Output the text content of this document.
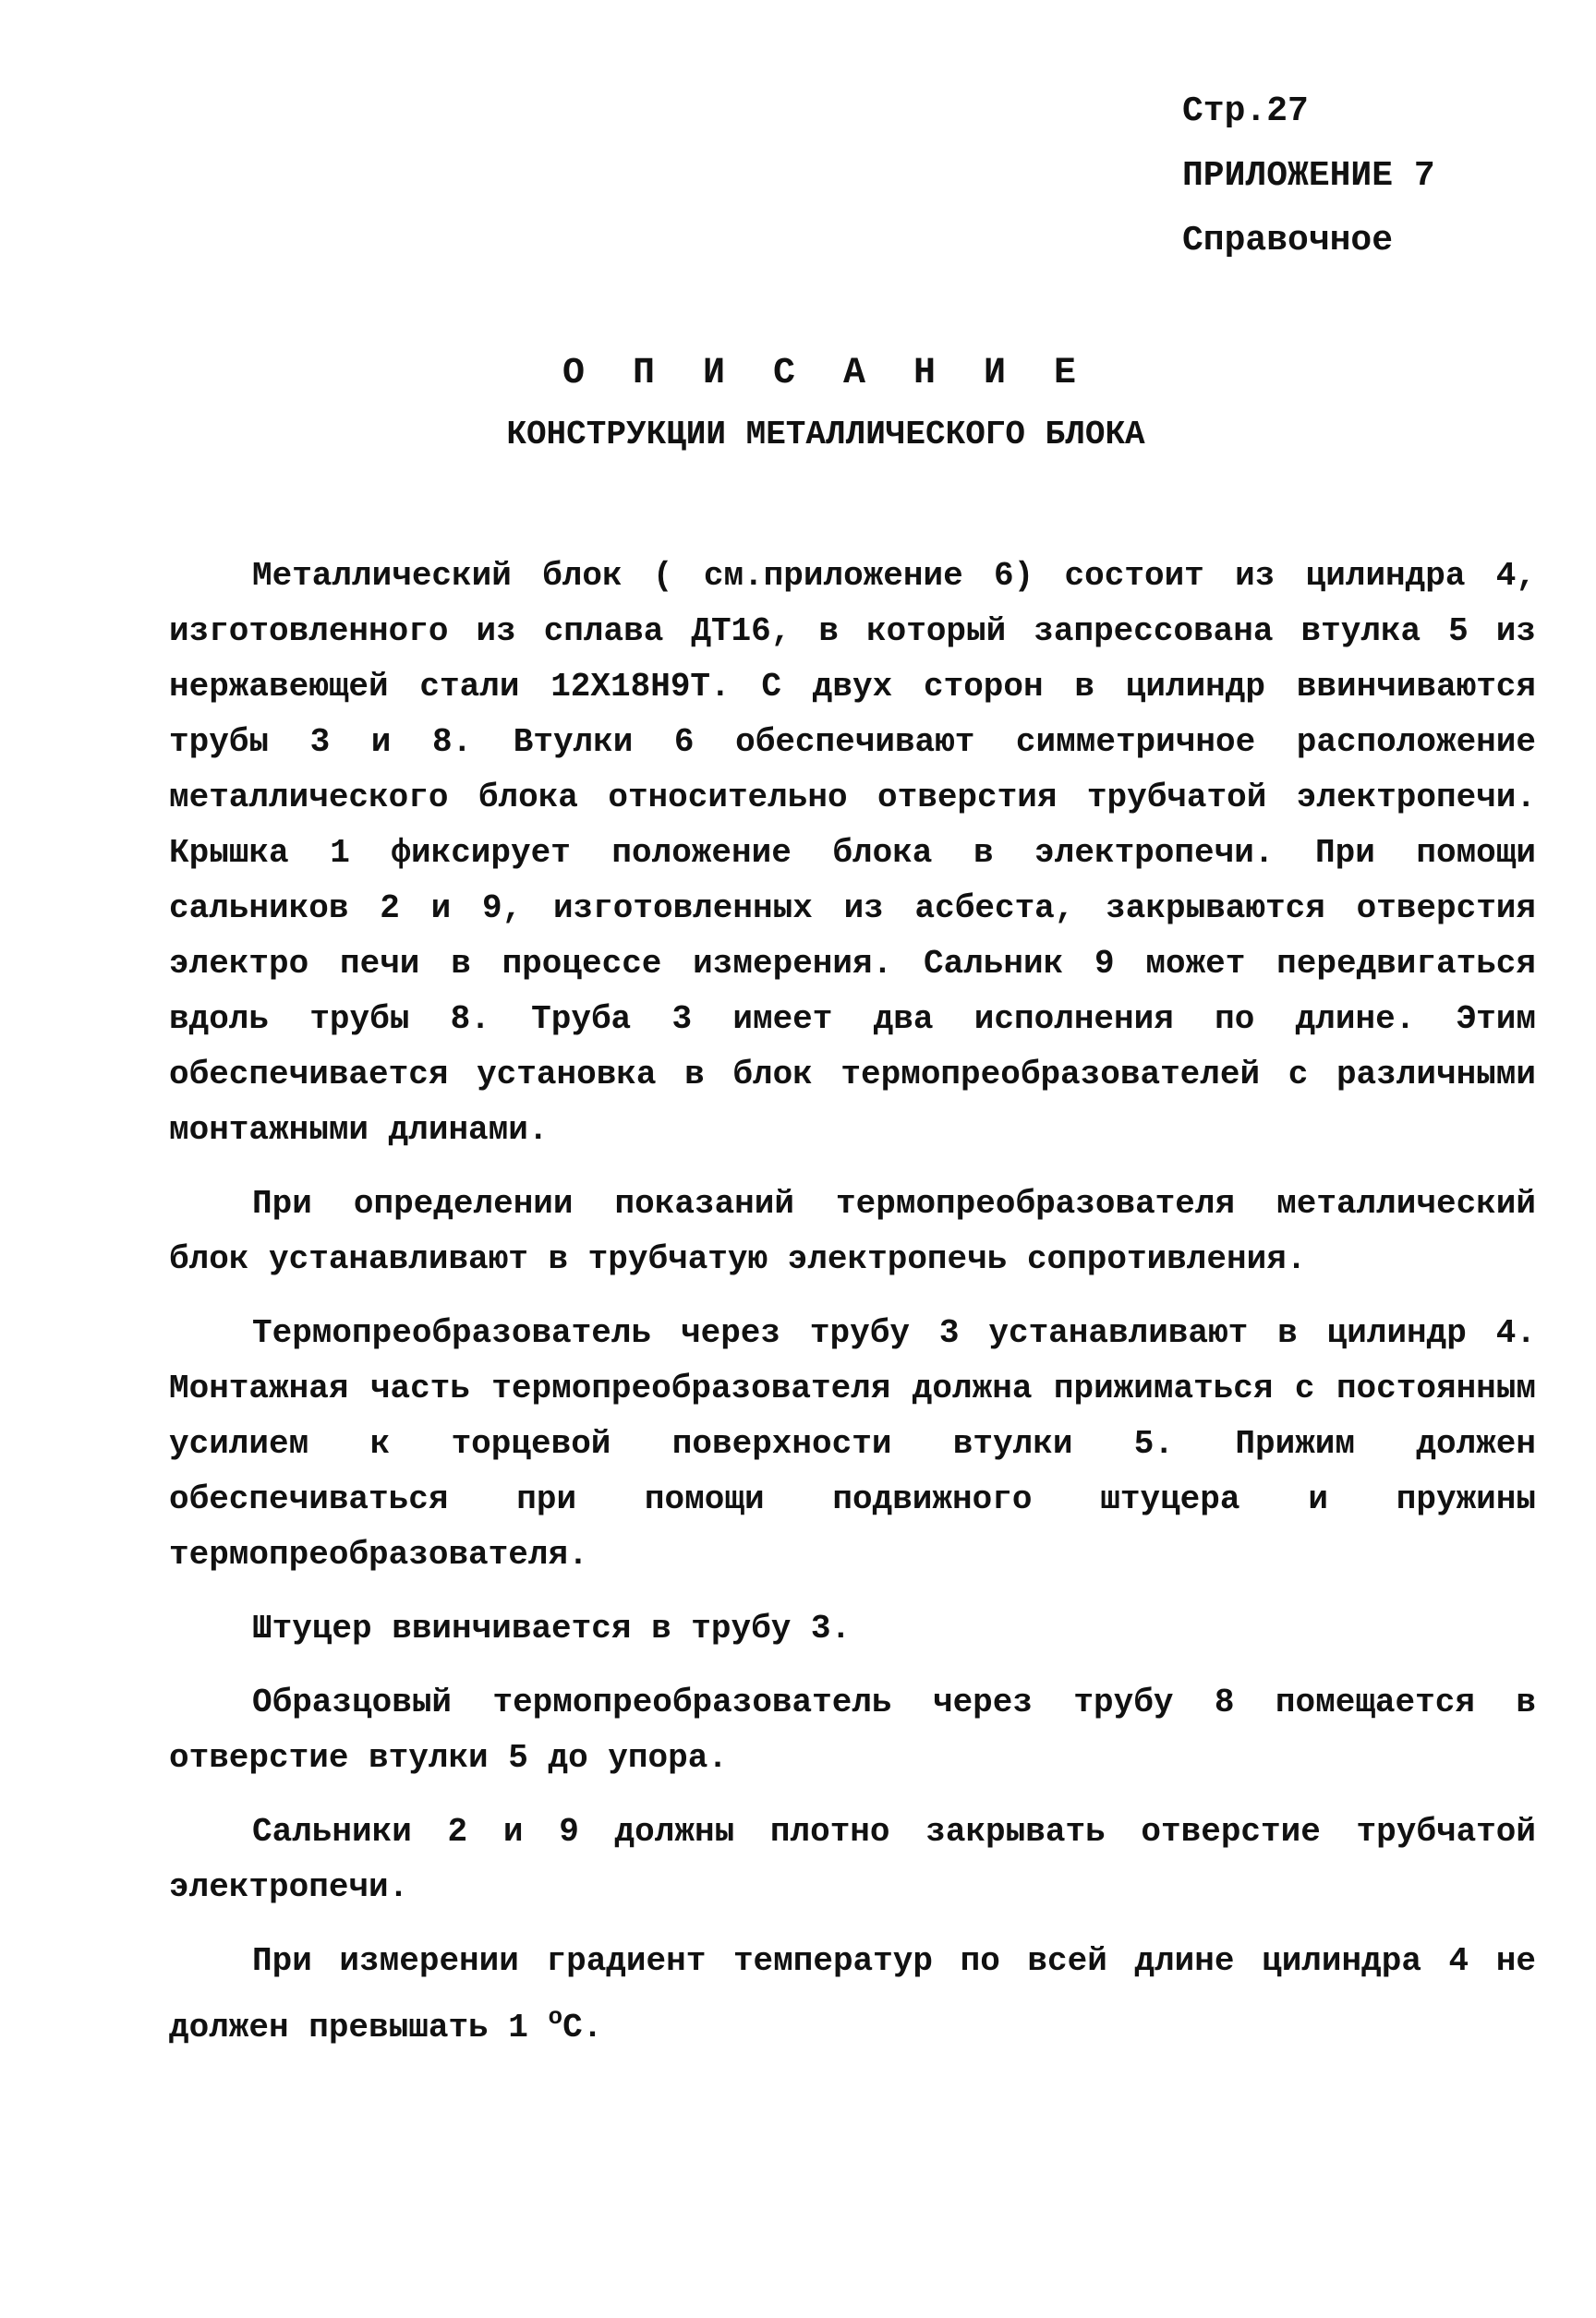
Стр.27
ПРИЛОЖЕНИЕ 7
Справочное
О П И С А Н И Е
КОНСТРУКЦИИ МЕТАЛЛИЧЕСКОГО БЛОКА

Металлический блок ( см.приложение 6) состоит из цилиндра 4, изготовленного из сплава ДТ16, в который запрессована втулка 5 из нержавеющей стали 12Х18Н9Т. С двух сторон в цилиндр ввинчиваются трубы 3 и 8. Втулки 6 обеспечивают симметричное расположение металлического блока относительно отверстия трубчатой электропечи. Крышка 1 фиксирует положение блока в электропечи. При помощи сальников 2 и 9, изготовленных из асбеста, закрываются отверстия электро печи в процессе измерения. Сальник 9 может передвигаться вдоль трубы 8. Труба 3 имеет два исполнения по длине. Этим обеспечивается установка в блок термопреобразователей с различными монтажными длинами.

При определении показаний термопреобразователя металлический блок устанавливают в трубчатую электропечь сопротивления.

Термопреобразователь через трубу 3 устанавливают в цилиндр 4. Монтажная часть термопреобразователя должна прижиматься с постоянным усилием к торцевой поверхности втулки 5. Прижим должен обеспечиваться при помощи подвижного штуцера и пружины термопреобразователя.

Штуцер ввинчивается в трубу 3.

Образцовый термопреобразователь через трубу 8 помещается в отверстие втулки 5 до упора.

Сальники 2 и 9 должны плотно закрывать отверстие трубчатой электропечи.

При измерении градиент температур по всей длине цилиндра 4 не должен превышать 1 $^о$С.
